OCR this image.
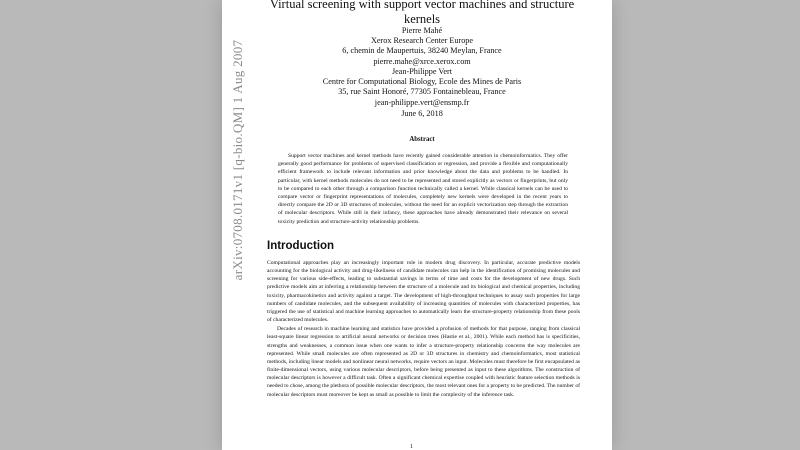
arXiv:0708.0171v1 [q-bio.QM] 1 Aug 2007
Virtual screening with support vector machines and structure kernels
Pierre Mahé
Xerox Research Center Europe
6, chemin de Maupertuis, 38240 Meylan, France
pierre.mahe@xrce.xerox.com
Jean-Philippe Vert
Centre for Computational Biology, Ecole des Mines de Paris
35, rue Saint Honoré, 77305 Fontainebleau, France
jean-philippe.vert@ensmp.fr
June 6, 2018
Abstract
Support vector machines and kernel methods have recently gained considerable attention in chemoinformatics. They offer generally good performance for problems of supervised classification or regression, and provide a flexible and computationally efficient framework to include relevant information and prior knowledge about the data and problems to be handled. In particular, with kernel methods molecules do not need to be represented and stored explicitly as vectors or fingerprints, but only to be compared to each other through a comparison function technically called a kernel. While classical kernels can be used to compare vector or fingerprint representations of molecules, completely new kernels were developed in the recent years to directly compare the 2D or 3D structures of molecules, without the need for an explicit vectorization step through the extraction of molecular descriptors. While still in their infancy, these approaches have already demonstrated their relevance on several toxicity prediction and structure-activity relationship problems.
Introduction

Computational approaches play an increasingly important role in modern drug discovery. In particular, accurate predictive models accounting for the biological activity and drug-likeliness of candidate molecules can help in the identification of promising molecules and screening for various side-effects, leading to substantial savings in terms of time and costs for the development of new drugs. Such predictive models aim at inferring a relationship between the structure of a molecule and its biological and chemical properties, including toxicity, pharmacokinetics and activity against a target. The development of high-throughput techniques to assay such properties for large numbers of candidate molecules, and the subsequent availability of increasing quantities of molecules with characterized properties, has triggered the use of statistical and machine learning approaches to automatically learn the structure-property relationship from these pools of characterized molecules.

Decades of research in machine learning and statistics have provided a profusion of methods for that purpose, ranging from classical least-square linear regression to artificial neural networks or decision trees (Hastie et al., 2001). While each method has is specificities, strengths and weaknesses, a common issue when one wants to infer a structure-property relationship concerns the way molecules are represented. While small molecules are often represented as 2D or 3D structures in chemistry and chemoinformatics, most statistical methods, including linear models and nonlinear neural networks, require vectors an input. Molecules must therefore be first encapsulated as finite-dimensional vectors, using various molecular descriptors, before being presented as input to these algorithms. The construction of molecular descriptors is however a difficult task. Often a significant chemical expertise coupled with heuristic feature selection methods is needed to chose, among the plethora of possible molecular descriptors, the most relevant ones for a property to be predicted. The number of molecular descriptors must moreover be kept as small as possible to limit the complexity of the inference task.

1
